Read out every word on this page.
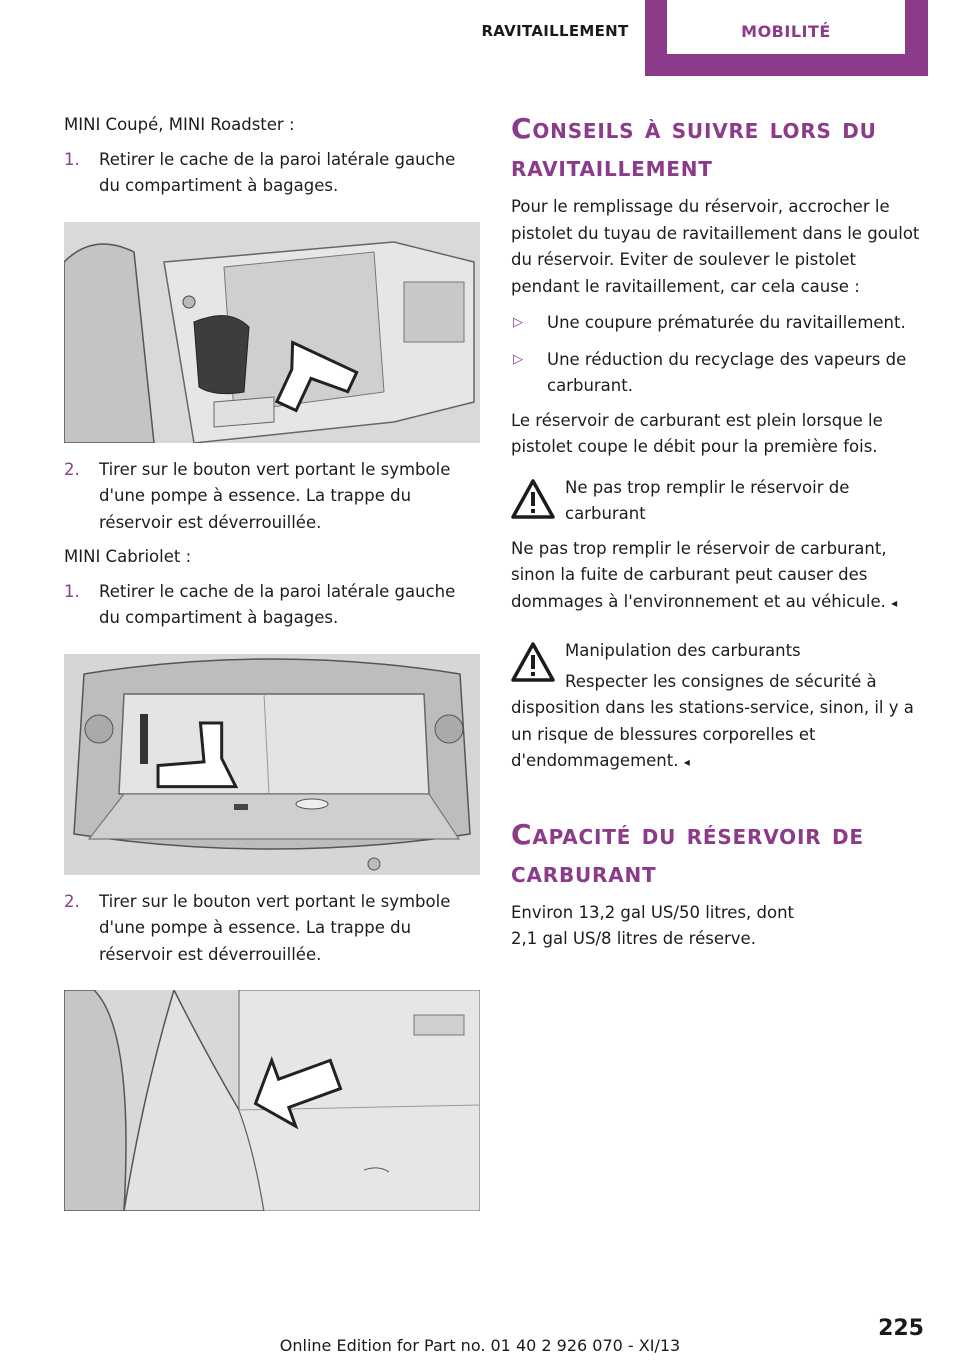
RAVITAILLEMENT	MOBILITÉ

MINI Coupé, MINI Roadster :

1. Retirer le cache de la paroi latérale gauche du compartiment à bagages.
2. Tirer sur le bouton vert portant le symbole d'une pompe à essence. La trappe du réservoir est déverrouillée.

MINI Cabriolet :

1. Retirer le cache de la paroi latérale gauche du compartiment à bagages.
2. Tirer sur le bouton vert portant le symbole d'une pompe à essence. La trappe du réservoir est déverrouillée.
Conseils à suivre lors du ravitaillement

Pour le remplissage du réservoir, accrocher le pistolet du tuyau de ravitaillement dans le goulot du réservoir. Eviter de soulever le pistolet pendant le ravitaillement, car cela cause :

▷ Une coupure prématurée du ravitaillement.
▷ Une réduction du recyclage des vapeurs de carburant.

Le réservoir de carburant est plein lorsque le pistolet coupe le débit pour la première fois.

Ne pas trop remplir le réservoir de carburant

Ne pas trop remplir le réservoir de carburant, sinon la fuite de carburant peut causer des dommages à l'environnement et au véhicule. ◂

Manipulation des carburants

Respecter les consignes de sécurité à disposition dans les stations-service, sinon, il y a un risque de blessures corporelles et d'endommagement. ◂

Capacité du réservoir de carburant

Environ 13,2 gal US/50 litres, dont

2,1 gal US/8 litres de réserve.

225
Online Edition for Part no. 01 40 2 926 070 - XI/13
